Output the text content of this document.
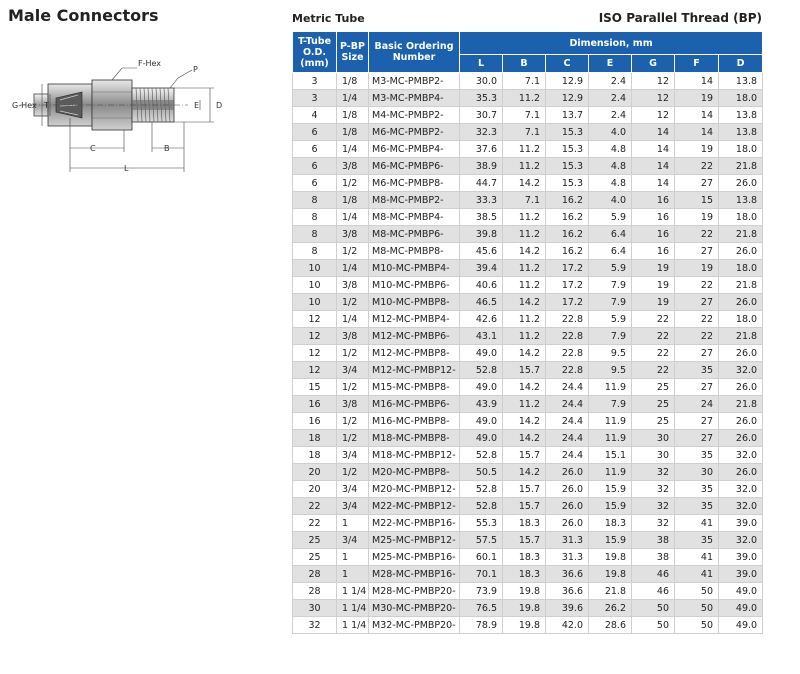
Male Connectors
F-Hex
P
G-Hex T	E D
C	B
L
Metric Tube	ISO Parallel Thread (BP)
T-Tube O.D. (mm)	P-BP Size	Basic Ordering Number	Dimension, mm						
			L	B	C	E	G	F	D
3	1/8	M3-MC-PMBP2-	30.0	7.1	12.9	2.4	12	14	13.8
3	1/4	M3-MC-PMBP4-	35.3	11.2	12.9	2.4	12	19	18.0
4	1/8	M4-MC-PMBP2-	30.7	7.1	13.7	2.4	12	14	13.8
6	1/8	M6-MC-PMBP2-	32.3	7.1	15.3	4.0	14	14	13.8
6	1/4	M6-MC-PMBP4-	37.6	11.2	15.3	4.8	14	19	18.0
6	3/8	M6-MC-PMBP6-	38.9	11.2	15.3	4.8	14	22	21.8
6	1/2	M6-MC-PMBP8-	44.7	14.2	15.3	4.8	14	27	26.0
8	1/8	M8-MC-PMBP2-	33.3	7.1	16.2	4.0	16	15	13.8
8	1/4	M8-MC-PMBP4-	38.5	11.2	16.2	5.9	16	19	18.0
8	3/8	M8-MC-PMBP6-	39.8	11.2	16.2	6.4	16	22	21.8
8	1/2	M8-MC-PMBP8-	45.6	14.2	16.2	6.4	16	27	26.0
10	1/4	M10-MC-PMBP4-	39.4	11.2	17.2	5.9	19	19	18.0
10	3/8	M10-MC-PMBP6-	40.6	11.2	17.2	7.9	19	22	21.8
10	1/2	M10-MC-PMBP8-	46.5	14.2	17.2	7.9	19	27	26.0
12	1/4	M12-MC-PMBP4-	42.6	11.2	22.8	5.9	22	22	18.0
12	3/8	M12-MC-PMBP6-	43.1	11.2	22.8	7.9	22	22	21.8
12	1/2	M12-MC-PMBP8-	49.0	14.2	22.8	9.5	22	27	26.0
12	3/4	M12-MC-PMBP12-	52.8	15.7	22.8	9.5	22	35	32.0
15	1/2	M15-MC-PMBP8-	49.0	14.2	24.4	11.9	25	27	26.0
16	3/8	M16-MC-PMBP6-	43.9	11.2	24.4	7.9	25	24	21.8
16	1/2	M16-MC-PMBP8-	49.0	14.2	24.4	11.9	25	27	26.0
18	1/2	M18-MC-PMBP8-	49.0	14.2	24.4	11.9	30	27	26.0
18	3/4	M18-MC-PMBP12-	52.8	15.7	24.4	15.1	30	35	32.0
20	1/2	M20-MC-PMBP8-	50.5	14.2	26.0	11.9	32	30	26.0
20	3/4	M20-MC-PMBP12-	52.8	15.7	26.0	15.9	32	35	32.0
22	3/4	M22-MC-PMBP12-	52.8	15.7	26.0	15.9	32	35	32.0
22	1	M22-MC-PMBP16-	55.3	18.3	26.0	18.3	32	41	39.0
25	3/4	M25-MC-PMBP12-	57.5	15.7	31.3	15.9	38	35	32.0
25	1	M25-MC-PMBP16-	60.1	18.3	31.3	19.8	38	41	39.0
28	1	M28-MC-PMBP16-	70.1	18.3	36.6	19.8	46	41	39.0
28	1 1/4	M28-MC-PMBP20-	73.9	19.8	36.6	21.8	46	50	49.0
30	1 1/4	M30-MC-PMBP20-	76.5	19.8	39.6	26.2	50	50	49.0
32	1 1/4	M32-MC-PMBP20-	78.9	19.8	42.0	28.6	50	50	49.0
